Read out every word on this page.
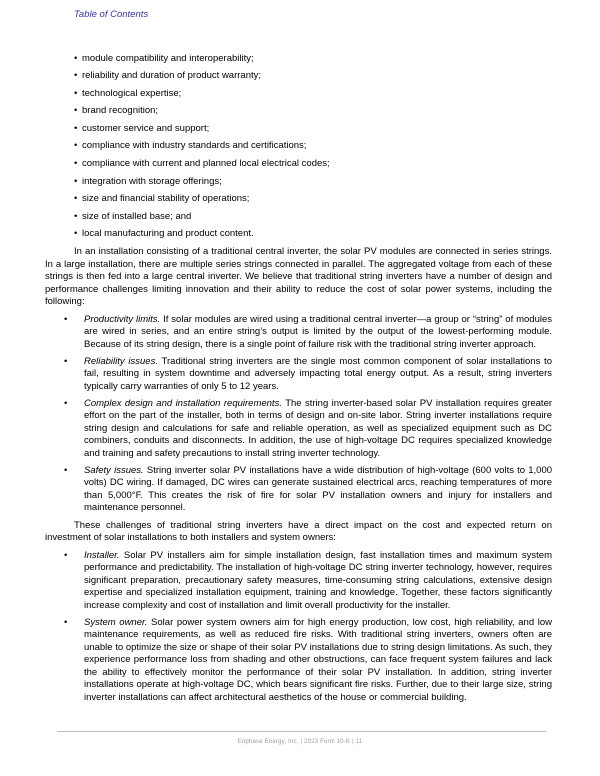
Table of Contents
• module compatibility and interoperability;
• reliability and duration of product warranty;
• technological expertise;
• brand recognition;
• customer service and support;
• compliance with industry standards and certifications;
• compliance with current and planned local electrical codes;
• integration with storage offerings;
• size and financial stability of operations;
• size of installed base; and
• local manufacturing and product content.

In an installation consisting of a traditional central inverter, the solar PV modules are connected in series strings. In a large installation, there are multiple series strings connected in parallel. The aggregated voltage from each of these strings is then fed into a large central inverter. We believe that traditional string inverters have a number of design and performance challenges limiting innovation and their ability to reduce the cost of solar power systems, including the following:

• Productivity limits. If solar modules are wired using a traditional central inverter—a group or “string” of modules are wired in series, and an entire string’s output is limited by the output of the lowest-performing module. Because of its string design, there is a single point of failure risk with the traditional string inverter approach.
• Reliability issues. Traditional string inverters are the single most common component of solar installations to fail, resulting in system downtime and adversely impacting total energy output. As a result, string inverters typically carry warranties of only 5 to 12 years.
• Complex design and installation requirements. The string inverter-based solar PV installation requires greater effort on the part of the installer, both in terms of design and on-site labor. String inverter installations require string design and calculations for safe and reliable operation, as well as specialized equipment such as DC combiners, conduits and disconnects. In addition, the use of high-voltage DC requires specialized knowledge and training and safety precautions to install string inverter technology.
• Safety issues. String inverter solar PV installations have a wide distribution of high-voltage (600 volts to 1,000 volts) DC wiring. If damaged, DC wires can generate sustained electrical arcs, reaching temperatures of more than 5,000°F. This creates the risk of fire for solar PV installation owners and injury for installers and maintenance personnel.

These challenges of traditional string inverters have a direct impact on the cost and expected return on investment of solar installations to both installers and system owners:

• Installer. Solar PV installers aim for simple installation design, fast installation times and maximum system performance and predictability. The installation of high-voltage DC string inverter technology, however, requires significant preparation, precautionary safety measures, time-consuming string calculations, extensive design expertise and specialized installation equipment, training and knowledge. Together, these factors significantly increase complexity and cost of installation and limit overall productivity for the installer.
• System owner. Solar power system owners aim for high energy production, low cost, high reliability, and low maintenance requirements, as well as reduced fire risks. With traditional string inverters, owners often are unable to optimize the size or shape of their solar PV installations due to string design limitations. As such, they experience performance loss from shading and other obstructions, can face frequent system failures and lack the ability to effectively monitor the performance of their solar PV installation. In addition, string inverter installations operate at high-voltage DC, which bears significant fire risks. Further, due to their large size, string inverter installations can affect architectural aesthetics of the house or commercial building.
Enphase Energy, Inc. | 2023 Form 10-K | 11
